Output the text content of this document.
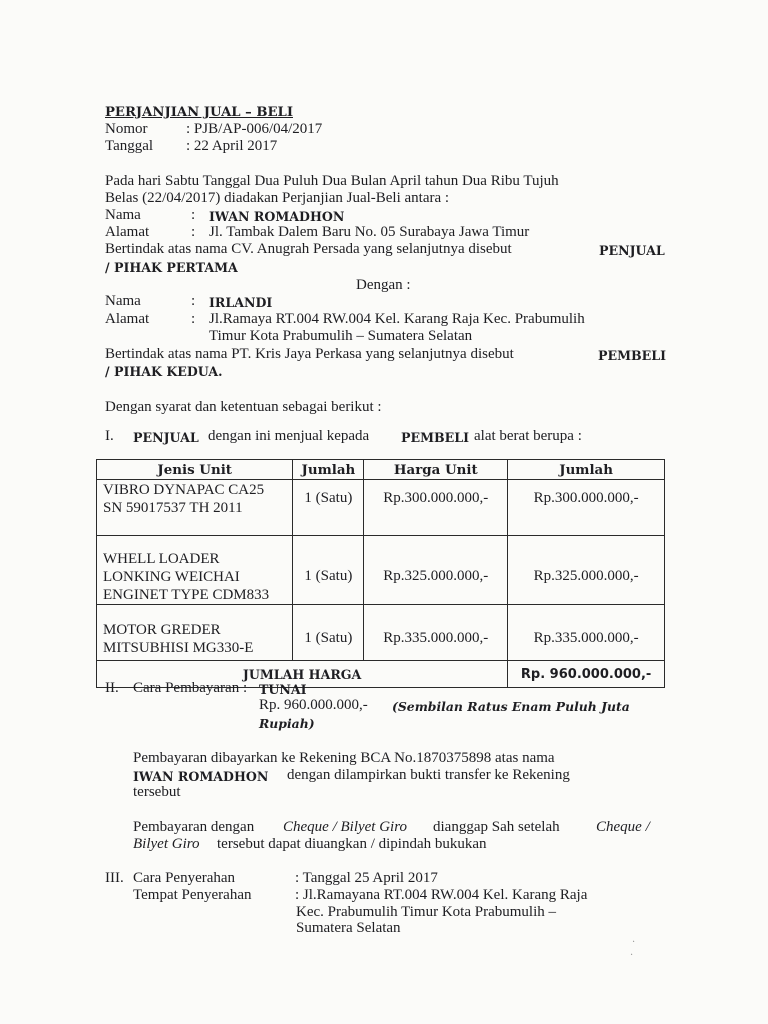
PERJANJIAN JUAL – BELI
Nomor	: PJB/AP-006/04/2017
Tanggal : 22 April 2017
Pada hari Sabtu Tanggal Dua Puluh Dua Bulan April tahun Dua Ribu Tujuh
Belas (22/04/2017) diadakan Perjanjian Jual-Beli antara :
Nama	: IWAN ROMADHON
Alamat	: Jl. Tambak Dalem Baru No. 05 Surabaya Jawa Timur
Bertindak atas nama CV. Anugrah Persada yang selanjutnya disebut	PENJUAL
/ PIHAK PERTAMA
Dengan :
Nama	: IRLANDI
Alamat	: Jl.Ramaya RT.004 RW.004 Kel. Karang Raja Kec. Prabumulih
Timur Kota Prabumulih – Sumatera Selatan
Bertindak atas nama PT. Kris Jaya Perkasa yang selanjutnya disebut	PEMBELI
/ PIHAK KEDUA.
Dengan syarat dan ketentuan sebagai berikut :
I. PENJUAL dengan ini menjual kepada	PEMBELI alat berat berupa :
Jenis Unit	Jumlah	Harga Unit	Jumlah

VIBRO DYNAPAC CA25
SN 59017537 TH 2011	1 (Satu)	Rp.300.000.000,-	Rp.300.000.000,-

WHELL LOADER
LONKING WEICHAI
ENGINET TYPE CDM833	1 (Satu)	Rp.325.000.000,-	Rp.325.000.000,-

MOTOR GREDER
MITSUBHISI MG330-E	1 (Satu)	Rp.335.000.000,-	Rp.335.000.000,-
JUMLAH HARGA			Rp. 960.000.000,-
II. Cara Pembayaran : TUNAI
Rp. 960.000.000,- (Sembilan Ratus Enam Puluh Juta
Rupiah)
Pembayaran dibayarkan ke Rekening BCA No.1870375898 atas nama
IWAN ROMADHON dengan dilampirkan bukti transfer ke Rekening
tersebut
Pembayaran dengan Cheque / Bilyet Giro dianggap Sah setelah Cheque /
Bilyet Giro tersebut dapat diuangkan / dipindah bukukan
III. Cara Penyerahan	: Tanggal 25 April 2017
Tempat Penyerahan	: Jl.Ramayana RT.004 RW.004 Kel. Karang Raja
Kec. Prabumulih Timur Kota Prabumulih –
Sumatera Selatan
·
·
